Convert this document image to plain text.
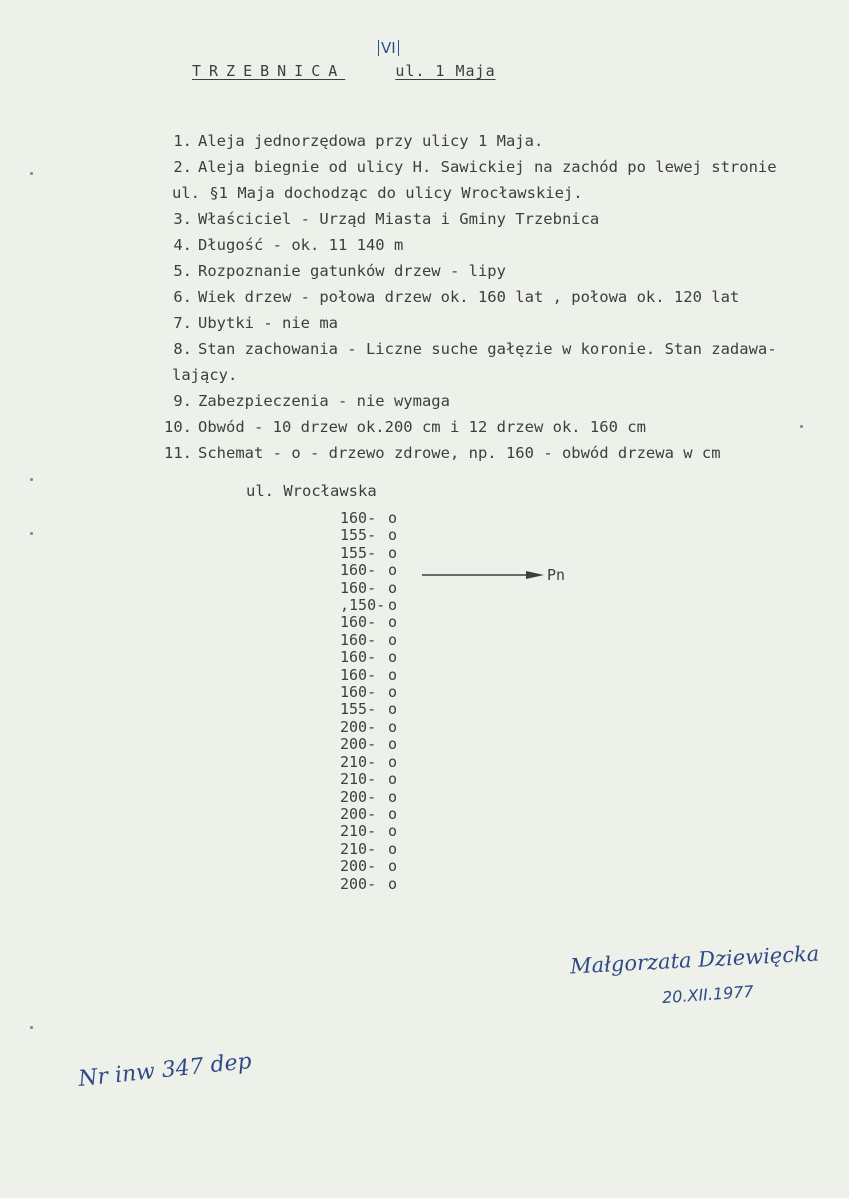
TRZEBNICA	ul. 1 Maja
VI
1. Aleja jednorzędowa przy ulicy 1 Maja.
2. Aleja biegnie od ulicy H. Sawickiej na zachód po lewej stronie
ul. §1 Maja dochodząc do ulicy Wrocławskiej.
3. Właściciel - Urząd Miasta i Gminy Trzebnica
4. Długość - ok. 11 140 m
5. Rozpoznanie gatunków drzew - lipy
6. Wiek drzew - połowa drzew ok. 160 lat , połowa ok. 120 lat
7. Ubytki - nie ma
8. Stan zachowania - Liczne suche gałęzie w koronie. Stan zadawa-
lający.
9. Zabezpieczenia - nie wymaga
10. Obwód - 10 drzew ok.200 cm i 12 drzew ok. 160 cm
11. Schemat - o - drzewo zdrowe, np. 160 - obwód drzewa w cm
ul. Wrocławska
160- o
155- o
155- o
160- o
160- o
,150- o
160- o
160- o
160- o
160- o
160- o
155- o
200- o
200- o
210- o
210- o
200- o
200- o
210- o
210- o
200- o
200- o
Pn
Małgorzata Dziewięcka
20.XII.1977
Nr inw 347 dep
